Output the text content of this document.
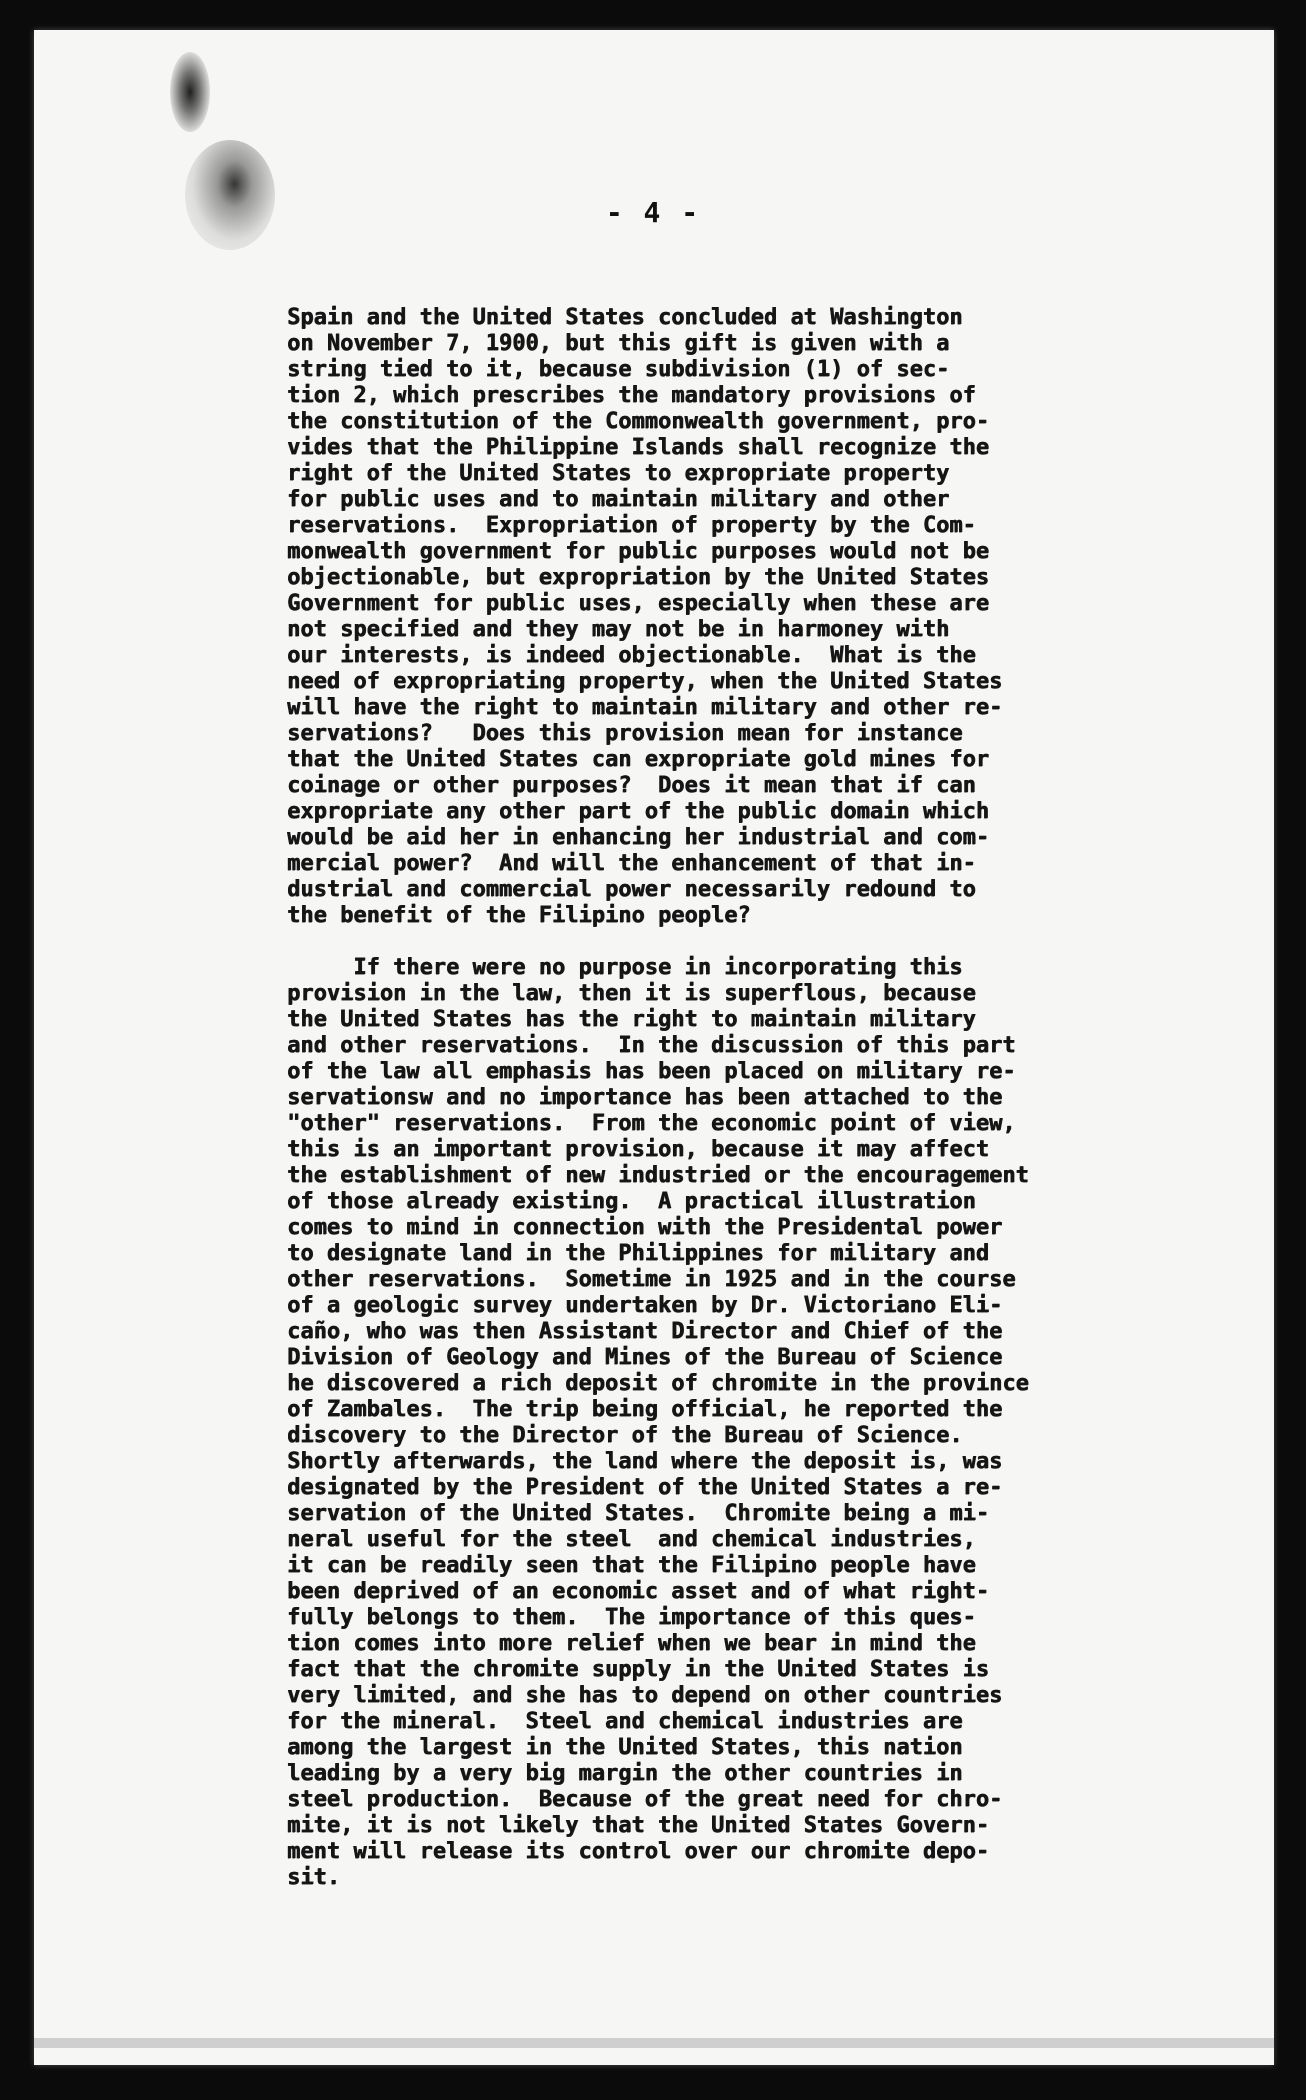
- 4 -
Spain and the United States concluded at Washington
on November 7, 1900, but this gift is given with a
string tied to it, because subdivision (1) of sec-
tion 2, which prescribes the mandatory provisions of
the constitution of the Commonwealth government, pro-
vides that the Philippine Islands shall recognize the
right of the United States to expropriate property
for public uses and to maintain military and other
reservations.  Expropriation of property by the Com-
monwealth government for public purposes would not be
objectionable, but expropriation by the United States
Government for public uses, especially when these are
not specified and they may not be in harmoney with
our interests, is indeed objectionable.  What is the
need of expropriating property, when the United States
will have the right to maintain military and other re-
servations?   Does this provision mean for instance
that the United States can expropriate gold mines for
coinage or other purposes?  Does it mean that if can
expropriate any other part of the public domain which
would be aid her in enhancing her industrial and com-
mercial power?  And will the enhancement of that in-
dustrial and commercial power necessarily redound to
the benefit of the Filipino people?
If there were no purpose in incorporating this
provision in the law, then it is superflous, because
the United States has the right to maintain military
and other reservations.  In the discussion of this part
of the law all emphasis has been placed on military re-
servationsw and no importance has been attached to the
"other" reservations.  From the economic point of view,
this is an important provision, because it may affect
the establishment of new industried or the encouragement
of those already existing.  A practical illustration
comes to mind in connection with the Presidental power
to designate land in the Philippines for military and
other reservations.  Sometime in 1925 and in the course
of a geologic survey undertaken by Dr. Victoriano Eli-
caño, who was then Assistant Director and Chief of the
Division of Geology and Mines of the Bureau of Science
he discovered a rich deposit of chromite in the province
of Zambales.  The trip being official, he reported the
discovery to the Director of the Bureau of Science.
Shortly afterwards, the land where the deposit is, was
designated by the President of the United States a re-
servation of the United States.  Chromite being a mi-
neral useful for the steel  and chemical industries,
it can be readily seen that the Filipino people have
been deprived of an economic asset and of what right-
fully belongs to them.  The importance of this ques-
tion comes into more relief when we bear in mind the
fact that the chromite supply in the United States is
very limited, and she has to depend on other countries
for the mineral.  Steel and chemical industries are
among the largest in the United States, this nation
leading by a very big margin the other countries in
steel production.  Because of the great need for chro-
mite, it is not likely that the United States Govern-
ment will release its control over our chromite depo-
sit.
